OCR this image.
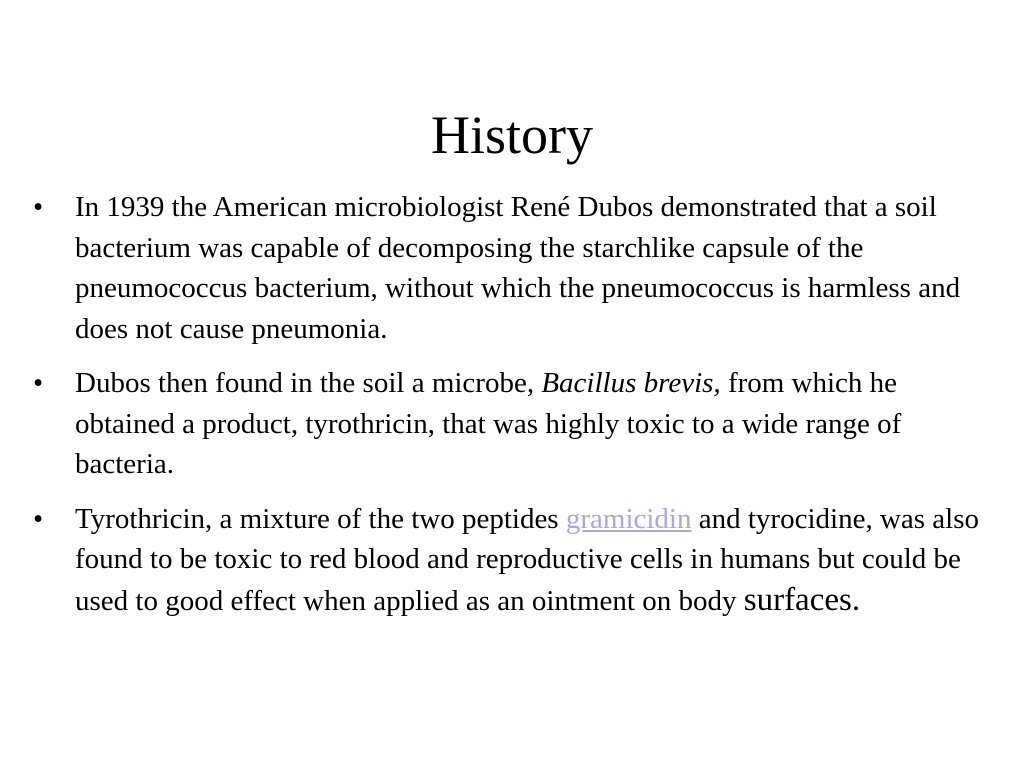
History
•	In 1939 the American microbiologist René Dubos demonstrated that a soil bacterium was capable of decomposing the starchlike capsule of the pneumococcus bacterium, without which the pneumococcus is harmless and does not cause pneumonia.
•	Dubos then found in the soil a microbe, Bacillus brevis, from which he obtained a product, tyrothricin, that was highly toxic to a wide range of bacteria.
•	Tyrothricin, a mixture of the two peptides gramicidin and tyrocidine, was also found to be toxic to red blood and reproductive cells in humans but could be used to good effect when applied as an ointment on body surfaces.
